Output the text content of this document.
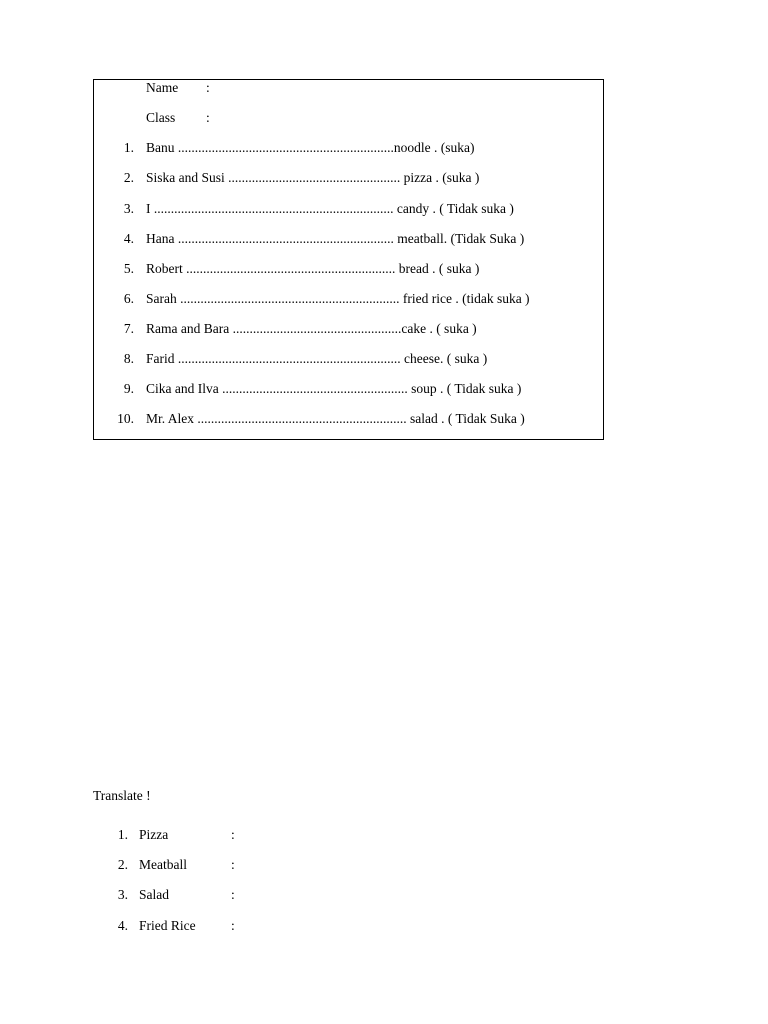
Name :
Class :
1. Banu ................................................................noodle . (suka)
2. Siska and Susi ................................................... pizza . (suka )
3. I ....................................................................... candy . ( Tidak suka )
4. Hana ................................................................ meatball. (Tidak Suka )
5. Robert .............................................................. bread . ( suka )
6. Sarah ................................................................. fried rice . (tidak suka )
7. Rama and Bara ..................................................cake . ( suka )
8. Farid .................................................................. cheese. ( suka )
9. Cika and Ilva ....................................................... soup . ( Tidak suka )
10. Mr. Alex .............................................................. salad . ( Tidak Suka )
Translate !
1. Pizza	:
2. Meatball	:
3. Salad	:
4. Fried Rice	:
